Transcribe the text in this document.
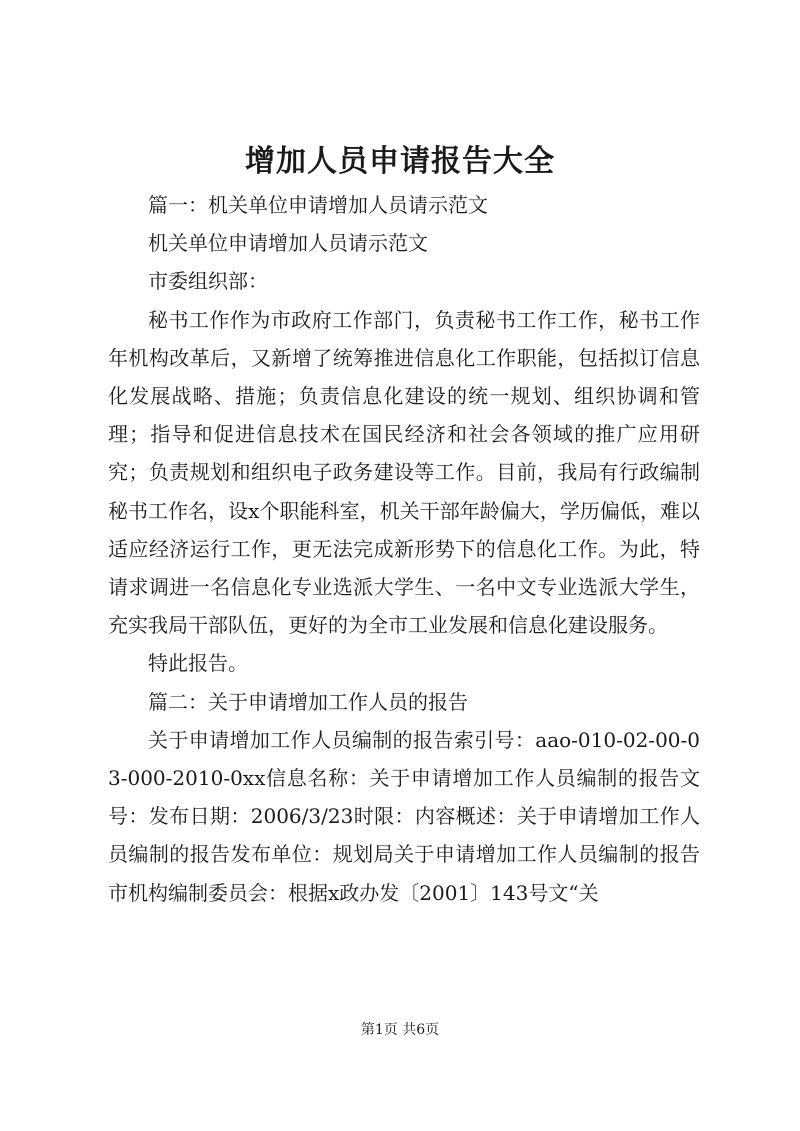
增加人员申请报告大全

篇一：机关单位申请增加人员请示范文

机关单位申请增加人员请示范文

市委组织部：

秘书工作作为市政府工作部门，负责秘书工作工作，秘书工作年机构改革后，又新增了统筹推进信息化工作职能，包括拟订信息化发展战略、措施；负责信息化建设的统一规划、组织协调和管理；指导和促进信息技术在国民经济和社会各领域的推广应用研究；负责规划和组织电子政务建设等工作。目前，我局有行政编制秘书工作名，设x个职能科室，机关干部年龄偏大，学历偏低，难以适应经济运行工作，更无法完成新形势下的信息化工作。为此，特请求调进一名信息化专业选派大学生、一名中文专业选派大学生，充实我局干部队伍，更好的为全市工业发展和信息化建设服务。

特此报告。

篇二：关于申请增加工作人员的报告

关于申请增加工作人员编制的报告索引号：aao-010-02-00-03-000-2010-0xx信息名称：关于申请增加工作人员编制的报告文号：发布日期：2006/3/23时限：内容概述：关于申请增加工作人员编制的报告发布单位：规划局关于申请增加工作人员编制的报告市机构编制委员会：根据x政办发〔2001〕143号文“关

第1页 共6页
